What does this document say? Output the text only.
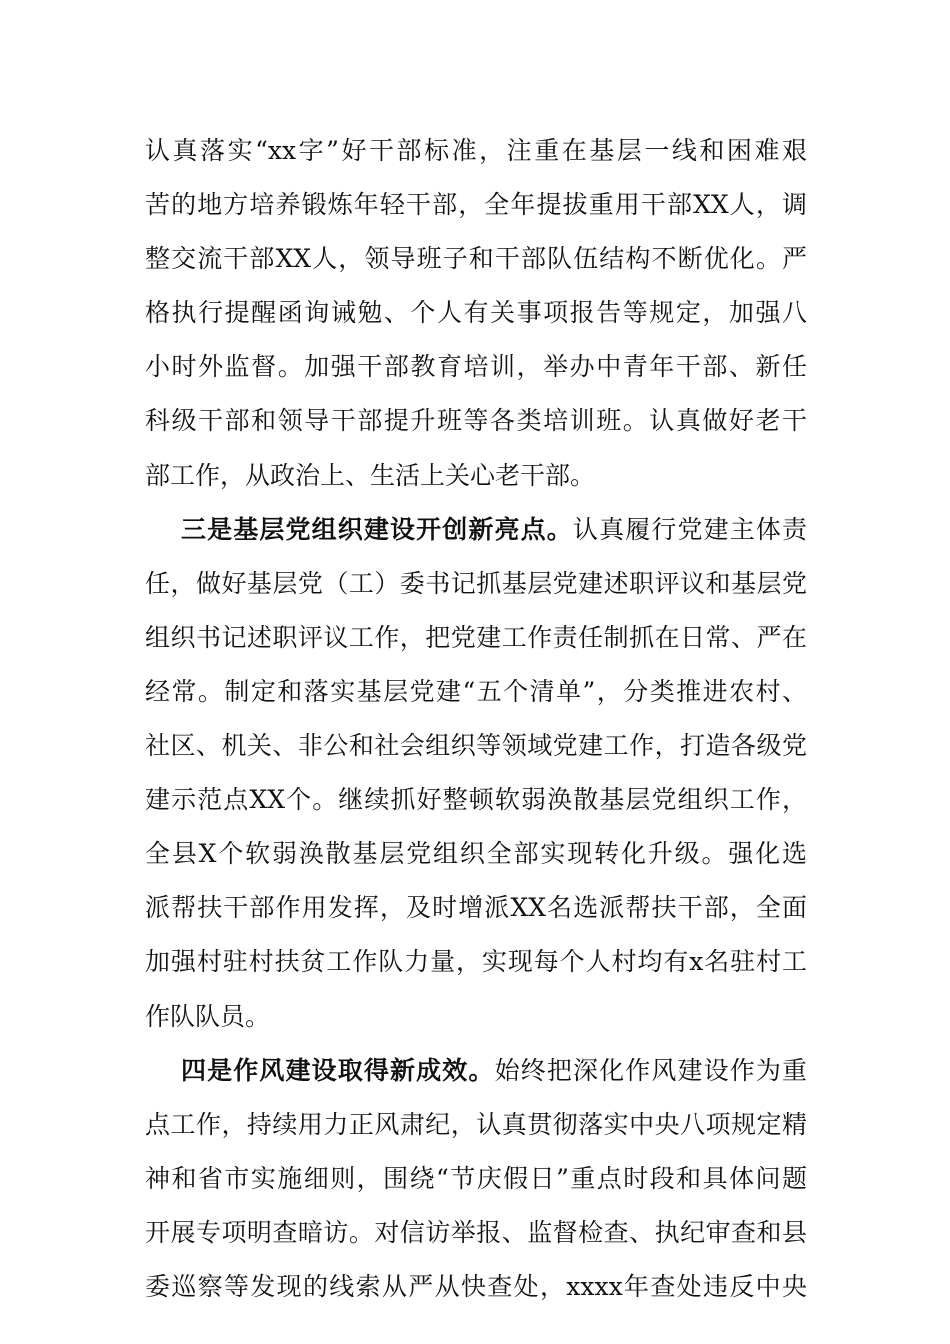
认真落实“xx字”好干部标准，注重在基层一线和困难艰
苦的地方培养锻炼年轻干部，全年提拔重用干部XX人，调
整交流干部XX人，领导班子和干部队伍结构不断优化。严
格执行提醒函询诫勉、个人有关事项报告等规定，加强八
小时外监督。加强干部教育培训，举办中青年干部、新任
科级干部和领导干部提升班等各类培训班。认真做好老干
部工作，从政治上、生活上关心老干部。
三是基层党组织建设开创新亮点。认真履行党建主体责
任，做好基层党（工）委书记抓基层党建述职评议和基层党
组织书记述职评议工作，把党建工作责任制抓在日常、严在
经常。制定和落实基层党建“五个清单”，分类推进农村、
社区、机关、非公和社会组织等领域党建工作，打造各级党
建示范点XX个。继续抓好整顿软弱涣散基层党组织工作，
全县X个软弱涣散基层党组织全部实现转化升级。强化选
派帮扶干部作用发挥，及时增派XX名选派帮扶干部，全面
加强村驻村扶贫工作队力量，实现每个人村均有x名驻村工
作队队员。
四是作风建设取得新成效。始终把深化作风建设作为重
点工作，持续用力正风肃纪，认真贯彻落实中央八项规定精
神和省市实施细则，围绕“节庆假日”重点时段和具体问题
开展专项明查暗访。对信访举报、监督检查、执纪审查和县
委巡察等发现的线索从严从快查处，xxxx年查处违反中央
